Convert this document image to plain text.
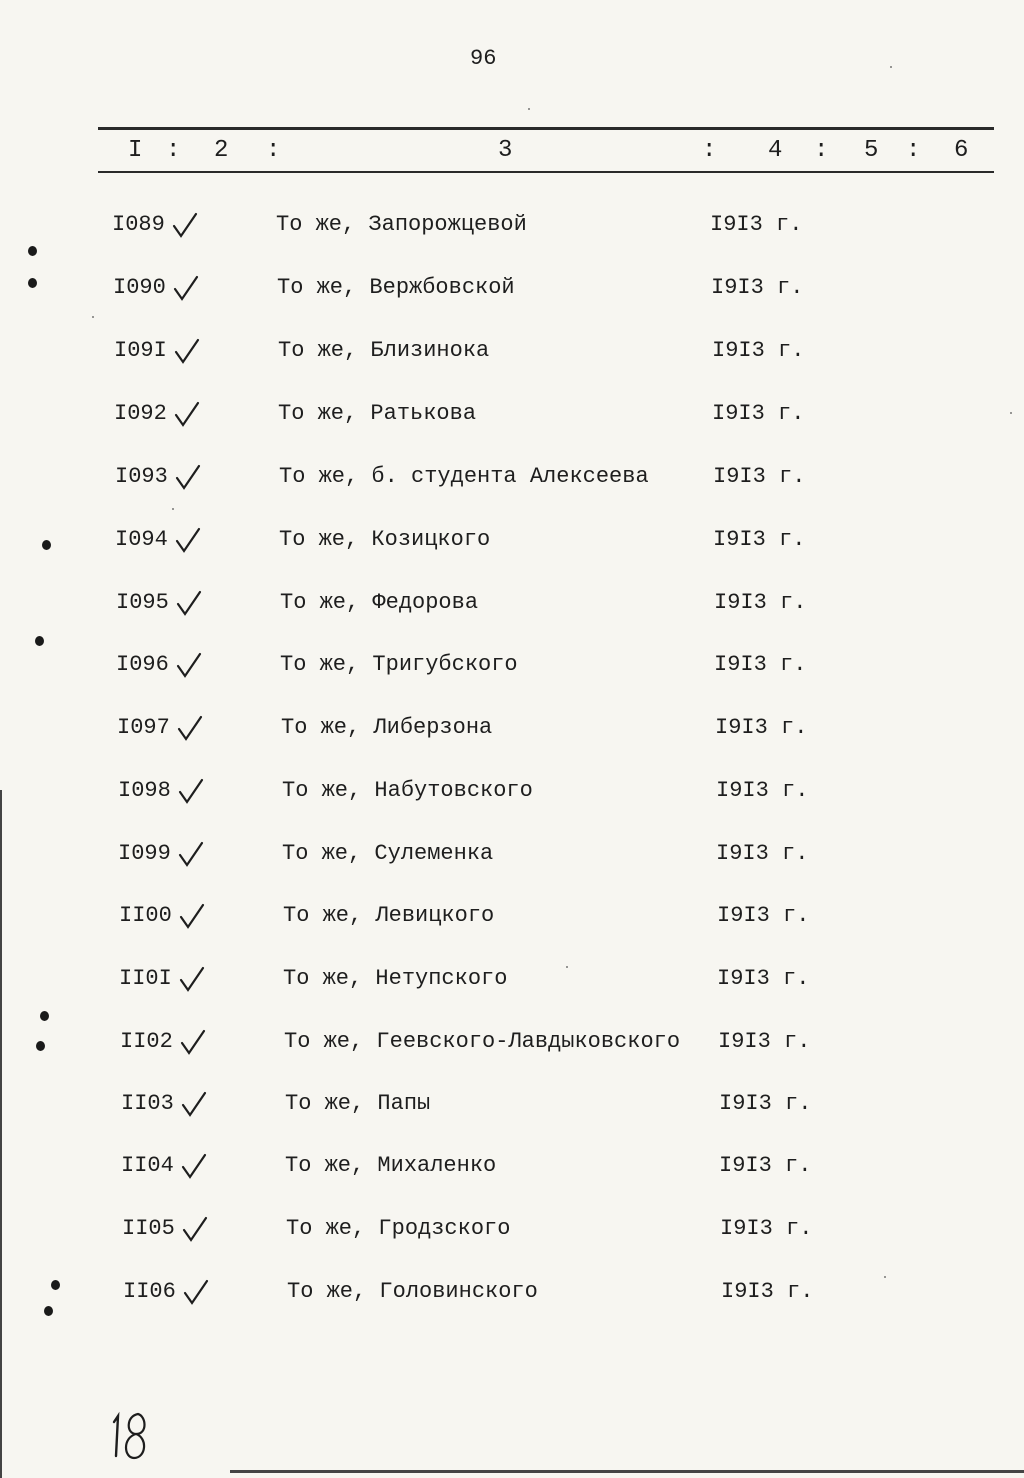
96
I : 2 :	3	: 4 : 5 : 6
I089	То же, Запорожцевой	I9I3 г.
I090	То же, Вержбовской	I9I3 г.
I09I	То же, Близинока	I9I3 г.
I092	То же, Ратькова	I9I3 г.
I093	То же, б. студента Алексеева	I9I3 г.
I094	То же, Козицкого	I9I3 г.
I095	То же, Федорова	I9I3 г.
I096	То же, Тригубского	I9I3 г.
I097	То же, Либерзона	I9I3 г.
I098	То же, Набутовского	I9I3 г.
I099	То же, Сулеменка	I9I3 г.
II00	То же, Левицкого	I9I3 г.
II0I	То же, Нетупского	I9I3 г.
II02	То же, Геевского-Лавдыковского I9I3 г.
II03	То же, Папы	I9I3 г.
II04	То же, Михаленко	I9I3 г.
II05	То же, Гродзского	I9I3 г.
II06	То же, Головинского	I9I3 г.
